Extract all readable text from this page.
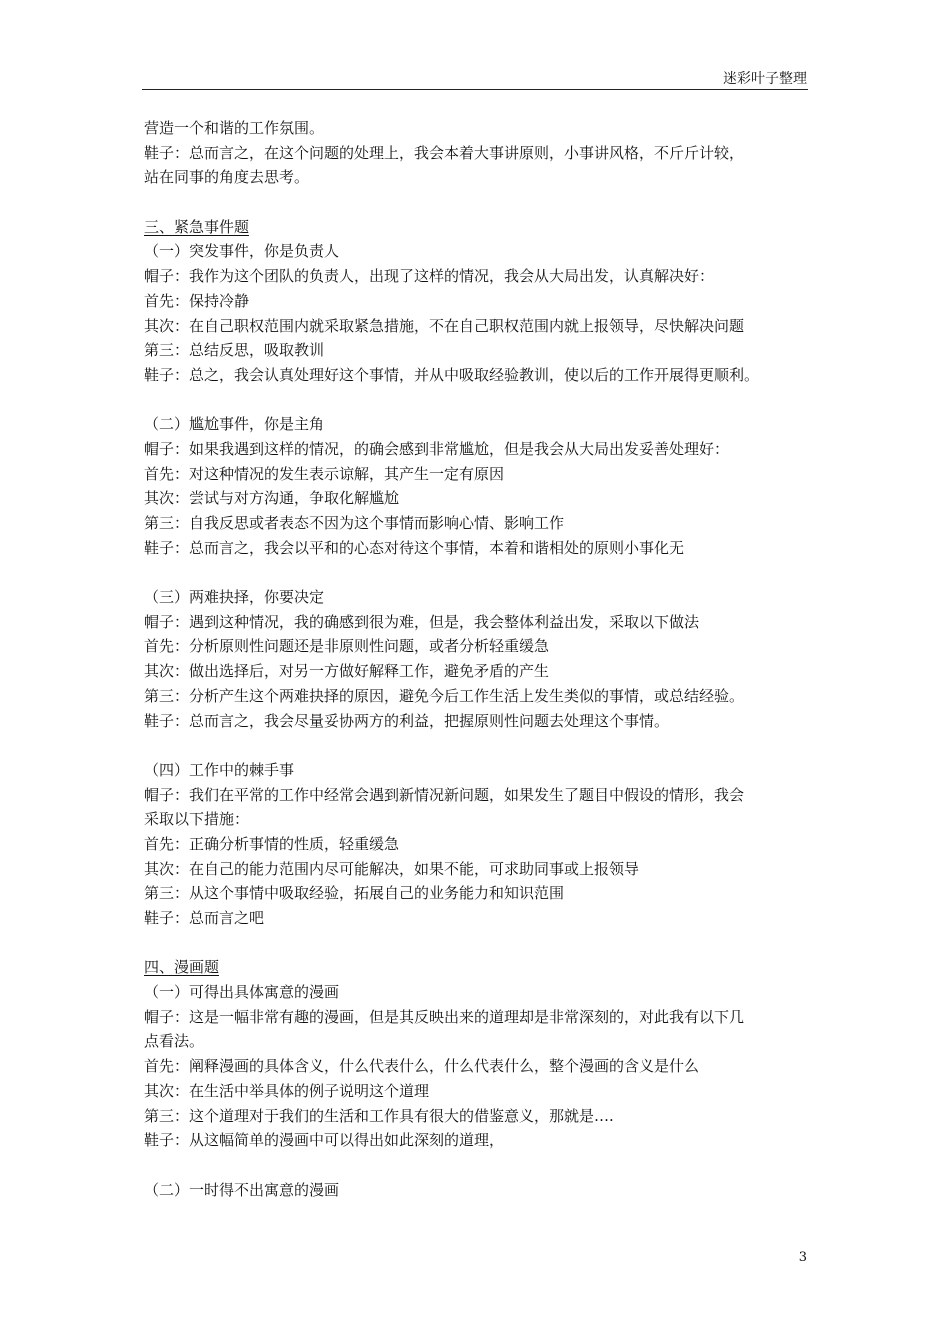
迷彩叶子整理
营造一个和谐的工作氛围。
鞋子：总而言之，在这个问题的处理上，我会本着大事讲原则，小事讲风格，不斤斤计较，
站在同事的角度去思考。
三、紧急事件题
（一）突发事件，你是负责人
帽子：我作为这个团队的负责人，出现了这样的情况，我会从大局出发，认真解决好：
首先：保持冷静
其次：在自己职权范围内就采取紧急措施，不在自己职权范围内就上报领导，尽快解决问题
第三：总结反思，吸取教训
鞋子：总之，我会认真处理好这个事情，并从中吸取经验教训，使以后的工作开展得更顺利。
（二）尴尬事件，你是主角
帽子：如果我遇到这样的情况，的确会感到非常尴尬，但是我会从大局出发妥善处理好：
首先：对这种情况的发生表示谅解，其产生一定有原因
其次：尝试与对方沟通，争取化解尴尬
第三：自我反思或者表态不因为这个事情而影响心情、影响工作
鞋子：总而言之，我会以平和的心态对待这个事情，本着和谐相处的原则小事化无
（三）两难抉择，你要决定
帽子：遇到这种情况，我的确感到很为难，但是，我会整体利益出发，采取以下做法
首先：分析原则性问题还是非原则性问题，或者分析轻重缓急
其次：做出选择后，对另一方做好解释工作，避免矛盾的产生
第三：分析产生这个两难抉择的原因，避免今后工作生活上发生类似的事情，或总结经验。
鞋子：总而言之，我会尽量妥协两方的利益，把握原则性问题去处理这个事情。
（四）工作中的棘手事
帽子：我们在平常的工作中经常会遇到新情况新问题，如果发生了题目中假设的情形，我会
采取以下措施：
首先：正确分析事情的性质，轻重缓急
其次：在自己的能力范围内尽可能解决，如果不能，可求助同事或上报领导
第三：从这个事情中吸取经验，拓展自己的业务能力和知识范围
鞋子：总而言之吧
四、漫画题
（一）可得出具体寓意的漫画
帽子：这是一幅非常有趣的漫画，但是其反映出来的道理却是非常深刻的，对此我有以下几
点看法。
首先：阐释漫画的具体含义，什么代表什么，什么代表什么，整个漫画的含义是什么
其次：在生活中举具体的例子说明这个道理
第三：这个道理对于我们的生活和工作具有很大的借鉴意义，那就是….
鞋子：从这幅简单的漫画中可以得出如此深刻的道理，
（二）一时得不出寓意的漫画
3
